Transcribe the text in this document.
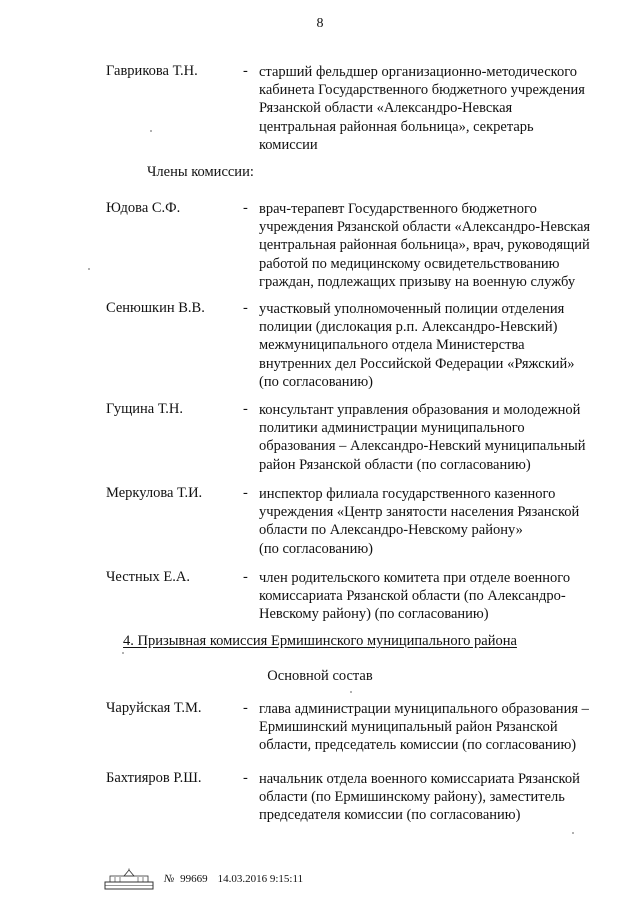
8
Гаврикова Т.Н.	- старший фельдшер организационно-методического
кабинета Государственного бюджетного учреждения
Рязанской области «Александро-Невская
центральная районная больница», секретарь
комиссии
Члены комиссии:
Юдова С.Ф.	- врач-терапевт Государственного бюджетного
учреждения Рязанской области «Александро-Невская
центральная районная больница», врач, руководящий
работой по медицинскому освидетельствованию
граждан, подлежащих призыву на военную службу
Сенюшкин В.В.	- участковый уполномоченный полиции отделения
полиции (дислокация р.п. Александро-Невский)
межмуниципального отдела Министерства
внутренних дел Российской Федерации «Ряжский»
(по согласованию)
Гущина Т.Н.	- консультант управления образования и молодежной
политики администрации муниципального
образования – Александро-Невский муниципальный
район Рязанской области (по согласованию)
Меркулова Т.И.	- инспектор филиала государственного казенного
учреждения «Центр занятости населения Рязанской
области по Александро-Невскому району»
(по согласованию)
Честных Е.А.	- член родительского комитета при отделе военного
комиссариата Рязанской области (по Александро-
Невскому району) (по согласованию)
4. Призывная комиссия Ермишинского муниципального района
Основной состав
Чаруйская Т.М.	- глава администрации муниципального образования –
Ермишинский муниципальный район Рязанской
области, председатель комиссии (по согласованию)
Бахтияров Р.Ш.	- начальник отдела военного комиссариата Рязанской
области (по Ермишинскому району), заместитель
председателя комиссии (по согласованию)
№ 99669 14.03.2016 9:15:11
